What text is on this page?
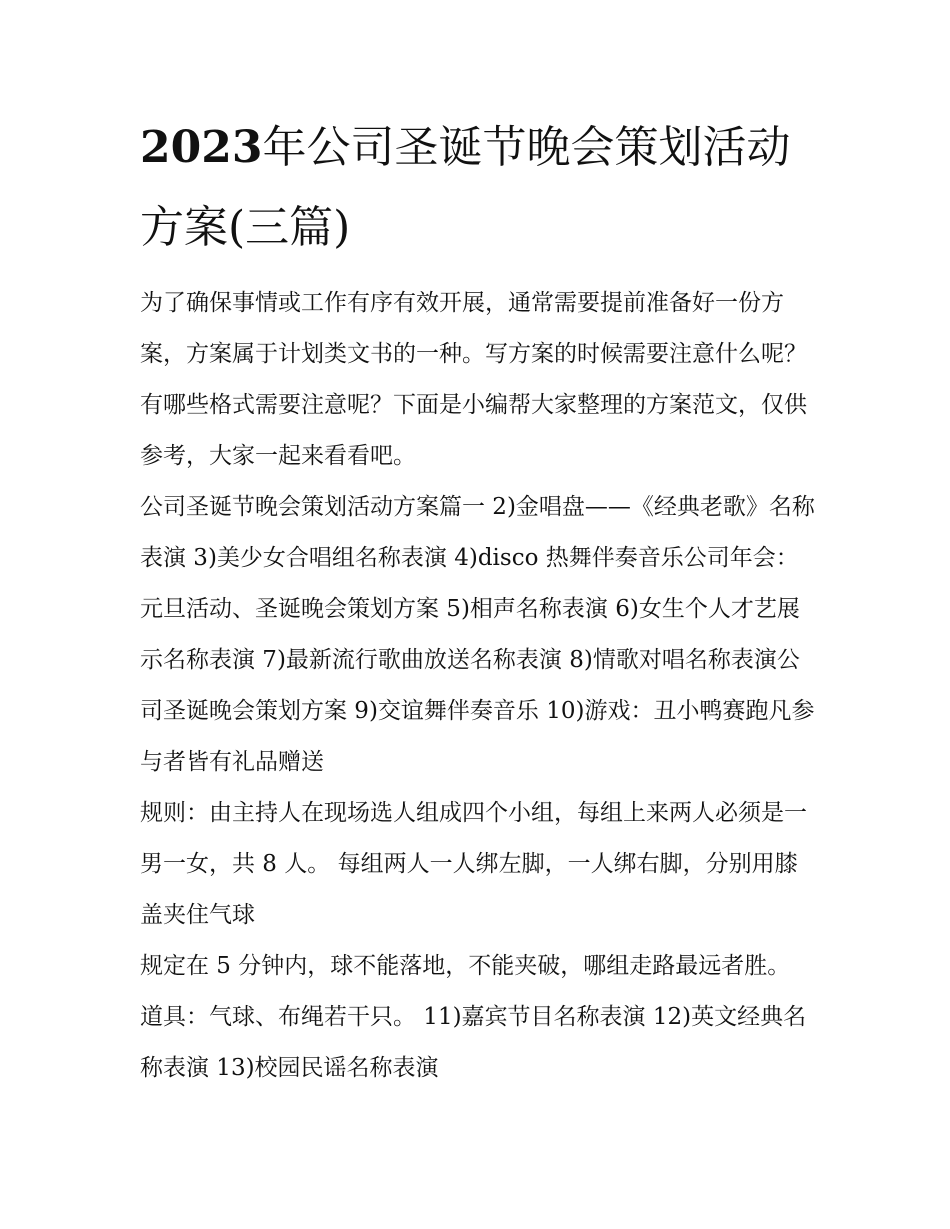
2023年公司圣诞节晚会策划活动方案(三篇)

为了确保事情或工作有序有效开展，通常需要提前准备好一份方案，方案属于计划类文书的一种。写方案的时候需要注意什么呢？有哪些格式需要注意呢？下面是小编帮大家整理的方案范文，仅供参考，大家一起来看看吧。

公司圣诞节晚会策划活动方案篇一 2)金唱盘——《经典老歌》名称表演 3)美少女合唱组名称表演 4)disco 热舞伴奏音乐公司年会：元旦活动、圣诞晚会策划方案 5)相声名称表演 6)女生个人才艺展示名称表演 7)最新流行歌曲放送名称表演 8)情歌对唱名称表演公司圣诞晚会策划方案 9)交谊舞伴奏音乐 10)游戏：丑小鸭赛跑凡参与者皆有礼品赠送

规则：由主持人在现场选人组成四个小组，每组上来两人必须是一男一女，共 8 人。 每组两人一人绑左脚，一人绑右脚，分别用膝盖夹住气球

规定在 5 分钟内，球不能落地，不能夹破，哪组走路最远者胜。 道具：气球、布绳若干只。 11)嘉宾节目名称表演 12)英文经典名称表演 13)校园民谣名称表演
